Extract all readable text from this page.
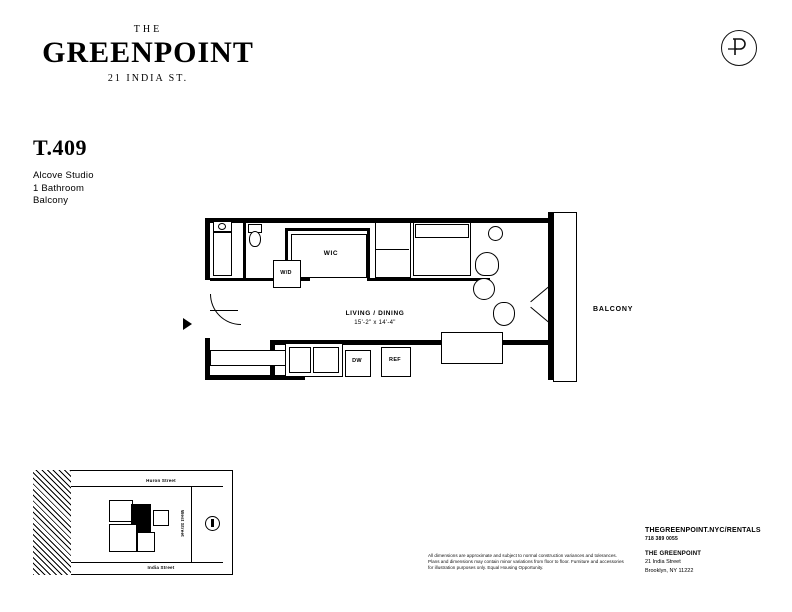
THE
GREENPOINT
21 INDIA ST.
T.409
Alcove Studio
1 Bathroom
Balcony
WIC
W/D
DW	REF
LIVING / DINING
15'-2" x 14'-4"
BALCONY
Huron Street
India Street
West Street
All dimensions are approximate and subject to normal construction variances and tolerances. Plans and dimensions may contain minor variations from floor to floor. Furniture and accessories for illustration purposes only. Equal Housing Opportunity.
THEGREENPOINT.NYC/RENTALS
718 389 0055
THE GREENPOINT
21 India Street
Brooklyn, NY 11222
